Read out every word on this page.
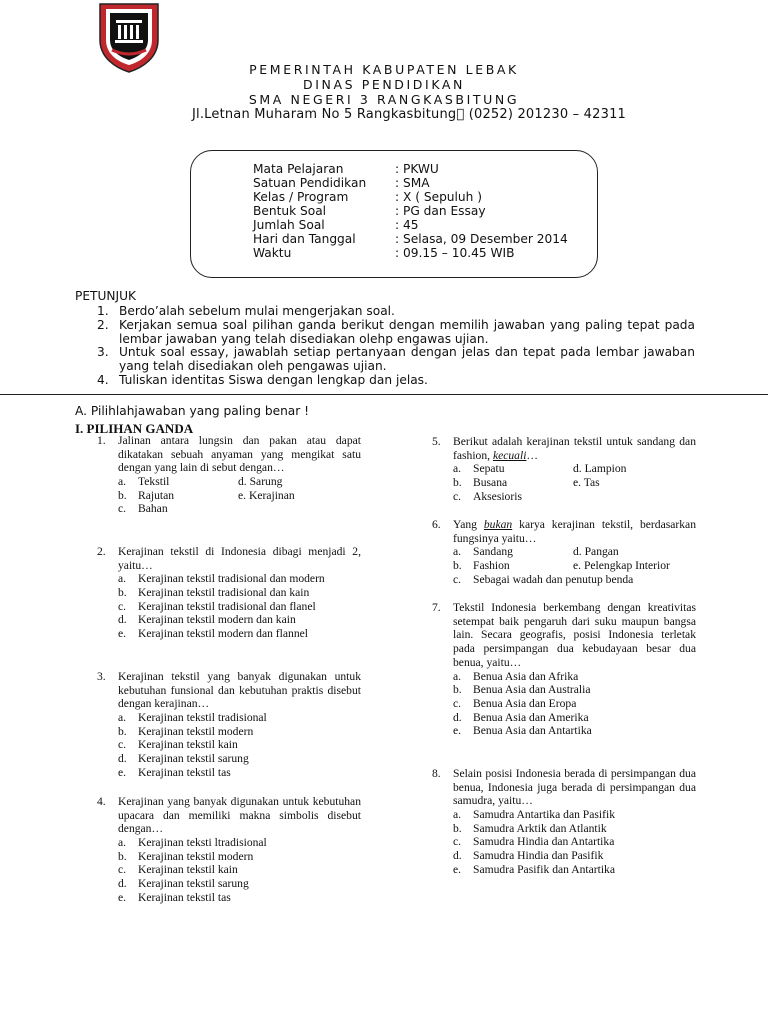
PEMERINTAH KABUPATEN LEBAK
DINAS PENDIDIKAN
SMA NEGERI 3 RANGKASBITUNG
Jl.Letnan Muharam No 5 Rangkasbitung  (0252) 201230 – 42311
Mata Pelajaran	: PKWU
Satuan Pendidikan : SMA
Kelas / Program	: X ( Sepuluh )
Bentuk Soal	: PG dan Essay
Jumlah Soal	: 45
Hari dan Tanggal	: Selasa, 09 Desember 2014
Waktu	: 09.15 – 10.45 WIB
PETUNJUK
1. Berdo’alah sebelum mulai mengerjakan soal.
2. Kerjakan semua soal pilihan ganda berikut dengan memilih jawaban yang paling tepat pada lembar jawaban yang telah disediakan olehp engawas ujian.
3. Untuk soal essay, jawablah setiap pertanyaan dengan jelas dan tepat pada lembar jawaban yang telah disediakan oleh pengawas ujian.
4. Tuliskan identitas Siswa dengan lengkap dan jelas.
A. Pilihlahjawaban yang paling benar !
I. PILIHAN GANDA
1. Jalinan antara lungsin dan pakan atau dapat dikatakan sebuah anyaman yang mengikat satu dengan yang lain di sebut dengan…
a. Tekstil	d. Sarung
b. Rajutan	e. Kerajinan
c. Bahan
2. Kerajinan tekstil di Indonesia dibagi menjadi 2, yaitu…
a. Kerajinan tekstil tradisional dan modern
b. Kerajinan tekstil tradisional dan kain
c. Kerajinan tekstil tradisional dan flanel
d. Kerajinan tekstil modern dan kain
e. Kerajinan tekstil modern dan flannel
3. Kerajinan tekstil yang banyak digunakan untuk kebutuhan funsional dan kebutuhan praktis disebut dengan kerajinan…
a. Kerajinan tekstil tradisional
b. Kerajinan tekstil modern
c. Kerajinan tekstil kain
d. Kerajinan tekstil sarung
e. Kerajinan tekstil tas
4. Kerajinan yang banyak digunakan untuk kebutuhan upacara dan memiliki makna simbolis disebut dengan…
a. Kerajinan teksti ltradisional
b. Kerajinan tekstil modern
c. Kerajinan tekstil kain
d. Kerajinan tekstil sarung
e. Kerajinan tekstil tas
5. Berikut adalah kerajinan tekstil untuk sandang dan fashion, kecuali…
a. Sepatu	d. Lampion
b. Busana	e. Tas
c. Aksesioris
6. Yang bukan karya kerajinan tekstil, berdasarkan fungsinya yaitu…
a. Sandang	d. Pangan
b. Fashion	e. Pelengkap Interior
c. Sebagai wadah dan penutup benda
7. Tekstil Indonesia berkembang dengan kreativitas setempat baik pengaruh dari suku maupun bangsa lain. Secara geografis, posisi Indonesia terletak pada persimpangan dua kebudayaan besar dua benua, yaitu…
a. Benua Asia dan Afrika
b. Benua Asia dan Australia
c. Benua Asia dan Eropa
d. Benua Asia dan Amerika
e. Benua Asia dan Antartika
8. Selain posisi Indonesia berada di persimpangan dua benua, Indonesia juga berada di persimpangan dua samudra, yaitu…
a. Samudra Antartika dan Pasifik
b. Samudra Arktik dan Atlantik
c. Samudra Hindia dan Antartika
d. Samudra Hindia dan Pasifik
e. Samudra Pasifik dan Antartika
